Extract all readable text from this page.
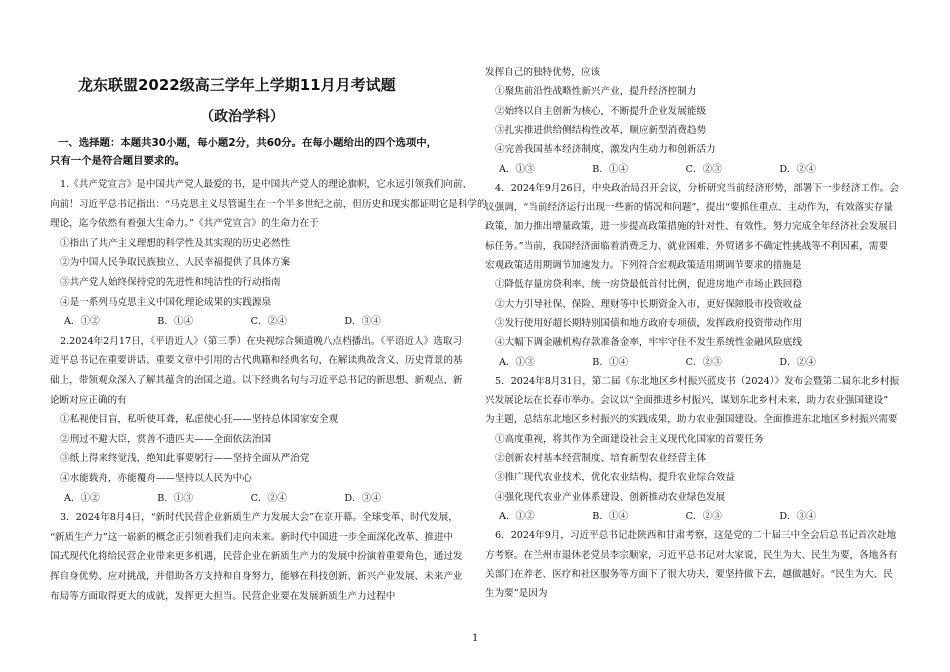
龙东联盟2022级高三学年上学期11月月考试题
（政治学科）
一、选择题：本题共30小题，每小题2分，共60分。在每小题给出的四个选项中，
只有一个是符合题目要求的。
1.《共产党宣言》是中国共产党人最爱的书，是中国共产党人的理论旗帜，它永远引领我们向前、
向前！习近平总书记指出：“马克思主义尽管诞生在一个半多世纪之前，但历史和现实都证明它是科学的
理论，迄今依然有着强大生命力。”《共产党宣言》的生命力在于
①指出了共产主义理想的科学性及其实现的历史必然性
②为中国人民争取民族独立、人民幸福提供了具体方案
③共产党人始终保持党的先进性和纯洁性的行动指南
④是一系列马克思主义中国化理论成果的实践源泉
A．①②　　　　　　B．①④　　　　　　C．②④　　　　　　D．③④
2.2024年2月17日，《平语近人》（第三季）在央视综合频道晚八点档播出。《平语近人》选取习
近平总书记在重要讲话、重要文章中引用的古代典籍和经典名句，在解读典故含义、历史背景的基
础上，带领观众深入了解其蕴含的治国之道。以下经典名句与习近平总书记的新思想、新观点、新
论断对应正确的有
①私视使目盲，私听使耳聋，私虑使心狂——坚持总体国家安全观
②刑过不避大臣，赏善不遗匹夫——全面依法治国
③纸上得来终觉浅，绝知此事要躬行——坚持全面从严治党
④水能载舟，亦能覆舟——坚持以人民为中心
A．①②　　　　　　B．①③　　　　　　C．②④　　　　　　D．③④
3．2024年8月4日，“新时代民营企业新质生产力发展大会”在京开幕。全球变革、时代发展，
“新质生产力”这一崭新的概念正引领着我们走向未来。新时代中国进一步全面深化改革、推进中
国式现代化将给民营企业带来更多机遇，民营企业在新质生产力的发展中扮演着重要角色，通过发
挥自身优势、应对挑战，并借助各方支持和自身努力，能够在科技创新、新兴产业发展、未来产业
布局等方面取得更大的成就，发挥更大担当。民营企业要在发展新质生产力过程中
发挥自己的独特优势，应该
①聚焦前沿性战略性新兴产业，提升经济控制力
②始终以自主创新为核心，不断提升企业发展能级
③扎实推进供给侧结构性改革，顺应新型消费趋势
④完善我国基本经济制度，激发内生动力和创新活力
A．①③　　　　　　B．①④　　　　　　C．②③　　　　　　D．②④
4．2024年9月26日，中央政治局召开会议，分析研究当前经济形势，部署下一步经济工作。会
议强调，“当前经济运行出现一些新的情况和问题”，提出“要抓住重点、主动作为，有效落实存量
政策，加力推出增量政策，进一步提高政策措施的针对性、有效性，努力完成全年经济社会发展目
标任务。”当前，我国经济面临着消费乏力、就业困难、外贸诸多不确定性挑战等不利因素，需要
宏观政策适用期调节加速发力。下列符合宏观政策适用期调节要求的措施是
①降低存量房贷利率、统一房贷最低首付比例，促进房地产市场止跌回稳
②大力引导社保、保险、理财等中长期资金入市，更好保障股市投资收益
③发行使用好超长期特别国债和地方政府专项债，发挥政府投资带动作用
④大幅下调金融机构存款准备金率，牢牢守住不发生系统性金融风险底线
A．①③　　　　　　B．①④　　　　　　C．②③　　　　　　D．②④
5．2024年8月31日，第二届《东北地区乡村振兴蓝皮书（2024）》发布会暨第二届东北乡村振
兴发展论坛在长春市举办。会议以“全面推进乡村振兴，谋划东北乡村未来，助力农业强国建设”
为主题，总结东北地区乡村振兴的实践成果，助力农业强国建设。全面推进东北地区乡村振兴需要
①高度重视，将其作为全面建设社会主义现代化国家的首要任务
②创新农村基本经营制度、培育新型农业经营主体
③推广现代农业技术，优化农业结构、提升农业综合效益
④强化现代农业产业体系建设、创新推动农业绿色发展
A．①②　　　　　　B．①④　　　　　　C．②③　　　　　　D．③④
6．2024年9月，习近平总书记赴陕西和甘肃考察，这是党的二十届三中全会后总书记首次赴地
方考察。在兰州市退休老党员李宗顺家，习近平总书记对大家说，民生为大、民生为要，各地各有
关部门在养老、医疗和社区服务等方面下了很大功夫，要坚持做下去，越做越好。“民生为大、民
生为要”是因为
1
